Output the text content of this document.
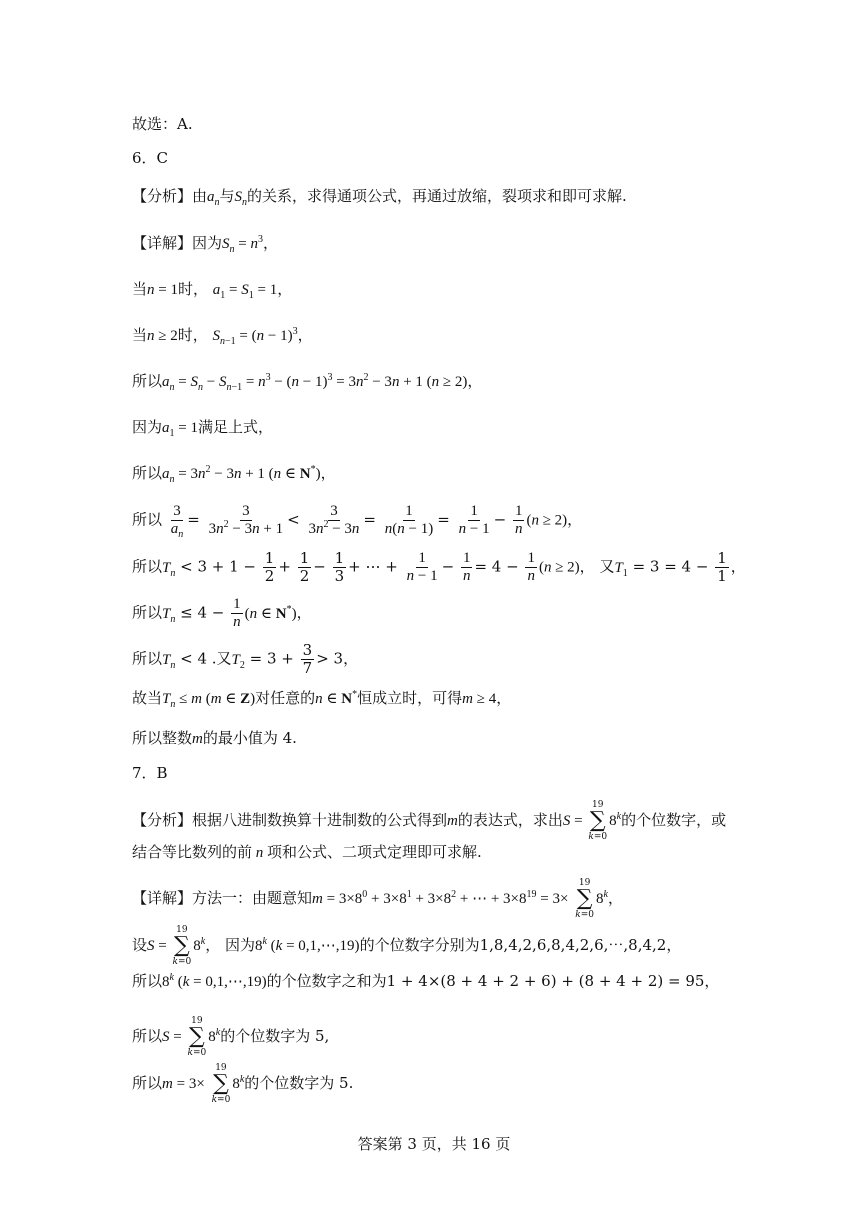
故选：A.
6．C
【分析】由$a_n$与$S_n$的关系，求得通项公式，再通过放缩，裂项求和即可求解.
【详解】因为$S_n = n^3$，
当n = 1时， $a_1 = S_1 = 1$，
当n ≥ 2时， $S_{n-1} = (n - 1)^3$，
所以$a_n = S_n - S_{n-1} = n^3 - (n - 1)^3 = 3n^2 - 3n + 1$ (n ≥ 2)，
因为$a_1 = 1$满足上式，
所以$a_n = 3n^2 - 3n + 1$ (n ∈ N*)，
所以 $\frac{3}{a_n} = \frac{3}{3n^2 - 3n + 1} < \frac{3}{3n^2 - 3n} = \frac{1}{n(n - 1)} = \frac{1}{n - 1} - \frac{1}{n} (n \ge 2)$，
所以$T_n < 3 + 1 - \frac{1}{2} + \frac{1}{2} - \frac{1}{3}$ + ⋯ + $\frac{1}{n - 1} - \frac{1}{n} = 4 - \frac{1}{n} (n \ge 2)$， 又$T_1 = 3 = 4 - \frac{1}{1}$ ，
所以$T_n \le 4 - \frac{1}{n} (n$ ∈ N*)，
所以$T_n < 4$ .又$T_2 = 3 + \frac{3}{7} > 3$，
故当$T_n \le m$ (m ∈ Z)对任意的n ∈ N*恒成立时，可得m ≥ 4，
所以整数m的最小值为 4.
7．B
【分析】根据八进制数换算十进制数的公式得到m的表达式，求出S =
19
∑
k=0
8$^k$的个位数字，或
结合等比数列的前 n 项和公式、二项式定理即可求解.
【详解】方法一：由题意知$m = 3\times 8^0 + 3\times 8^1 + 3\times 8^2$ + ⋯ + $3\times 8^{19} = 3\times$
19
∑
k=0
8$^k$，
设S =
19
∑
k=0
8$^k$， 因为8$^k$ (k = 0,1,⋯,19)的个位数字分别为1,8,4,2,6,8,4,2,6,⋯,8,4,2，
所以8$^k$ (k = 0,1,⋯,19)的个位数字之和为1 + 4×(8 + 4 + 2 + 6) + (8 + 4 + 2) = 95，
所以S =
19
∑
k=0
8$^k$的个位数字为 5,
所以m = 3×
19
∑
k=0
8$^k$的个位数字为 5.
答案第 3 页，共 16 页
